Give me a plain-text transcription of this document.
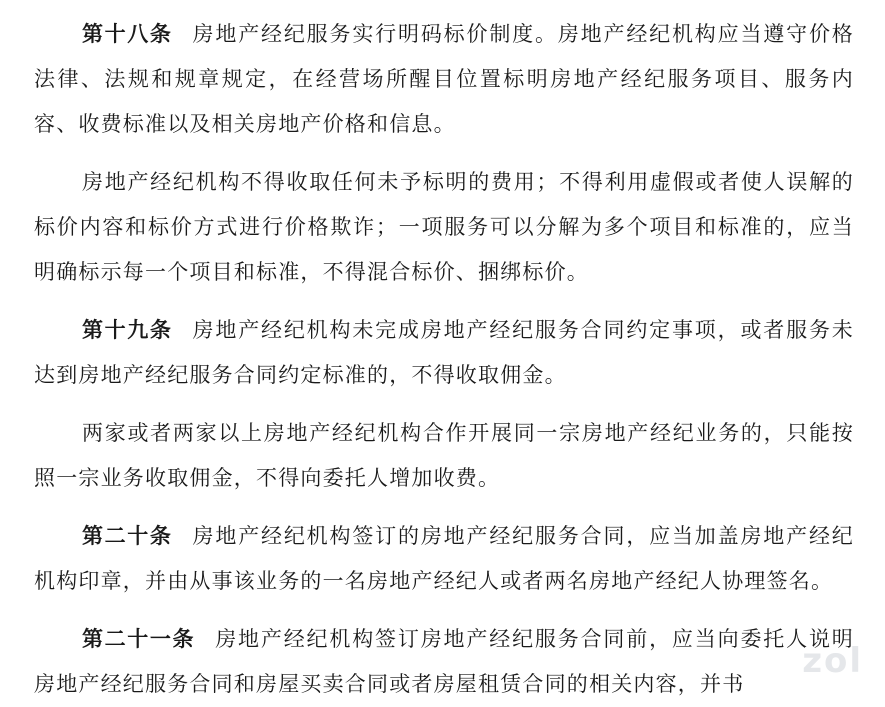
第十八条 房地产经纪服务实行明码标价制度。房地产经纪机构应当遵守价格法律、法规和规章规定，在经营场所醒目位置标明房地产经纪服务项目、服务内容、收费标准以及相关房地产价格和信息。

房地产经纪机构不得收取任何未予标明的费用；不得利用虚假或者使人误解的标价内容和标价方式进行价格欺诈；一项服务可以分解为多个项目和标准的，应当明确标示每一个项目和标准，不得混合标价、捆绑标价。

第十九条 房地产经纪机构未完成房地产经纪服务合同约定事项，或者服务未达到房地产经纪服务合同约定标准的，不得收取佣金。

两家或者两家以上房地产经纪机构合作开展同一宗房地产经纪业务的，只能按照一宗业务收取佣金，不得向委托人增加收费。

第二十条 房地产经纪机构签订的房地产经纪服务合同，应当加盖房地产经纪机构印章，并由从事该业务的一名房地产经纪人或者两名房地产经纪人协理签名。

第二十一条 房地产经纪机构签订房地产经纪服务合同前，应当向委托人说明房地产经纪服务合同和房屋买卖合同或者房屋租赁合同的相关内容，并书

zol
